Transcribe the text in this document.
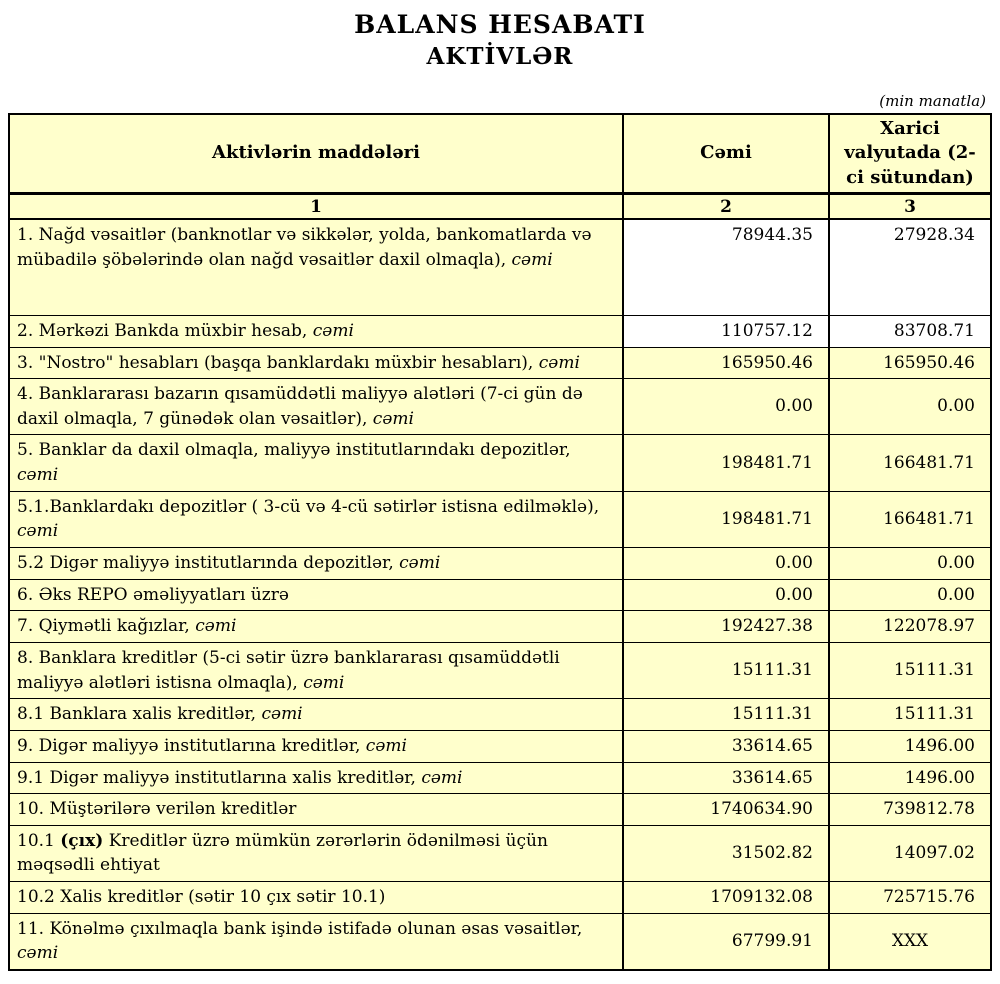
BALANS HESABATI
AKTİVLƏR
(min manatla)
Aktivlərin maddələri	Cəmi	Xarici valyutada (2-ci sütundan)
1	2	3
1. Nağd vəsaitlər (banknotlar və sikkələr, yolda, bankomatlarda və mübadilə şöbələrində olan nağd vəsaitlər daxil olmaqla), cəmi	78944.35	27928.34
2. Mərkəzi Bankda müxbir hesab, cəmi	110757.12	83708.71
3. "Nostro" hesabları (başqa banklardakı müxbir hesabları), cəmi	165950.46	165950.46
4. Banklararası bazarın qısamüddətli maliyyə alətləri (7-ci gün də daxil olmaqla, 7 günədək olan vəsaitlər), cəmi	0.00	0.00
5. Banklar da daxil olmaqla, maliyyə institutlarındakı depozitlər, cəmi	198481.71	166481.71
5.1.Banklardakı depozitlər ( 3-cü və 4-cü sətirlər istisna edilməklə), cəmi	198481.71	166481.71
5.2 Digər maliyyə institutlarında depozitlər, cəmi	0.00	0.00
6. Əks REPO əməliyyatları üzrə	0.00	0.00
7. Qiymətli kağızlar, cəmi	192427.38	122078.97
8. Banklara kreditlər (5-ci sətir üzrə banklararası qısamüddətli maliyyə alətləri istisna olmaqla), cəmi	15111.31	15111.31
8.1 Banklara xalis kreditlər, cəmi	15111.31	15111.31
9. Digər maliyyə institutlarına kreditlər, cəmi	33614.65	1496.00
9.1 Digər maliyyə institutlarına xalis kreditlər, cəmi	33614.65	1496.00
10. Müştərilərə verilən kreditlər	1740634.90	739812.78
10.1 (çıx) Kreditlər üzrə mümkün zərərlərin ödənilməsi üçün məqsədli ehtiyat	31502.82	14097.02
10.2 Xalis kreditlər (sətir 10 çıx sətir 10.1)	1709132.08	725715.76
11. Könəlmə çıxılmaqla bank işində istifadə olunan əsas vəsaitlər, cəmi	67799.91	XXX
